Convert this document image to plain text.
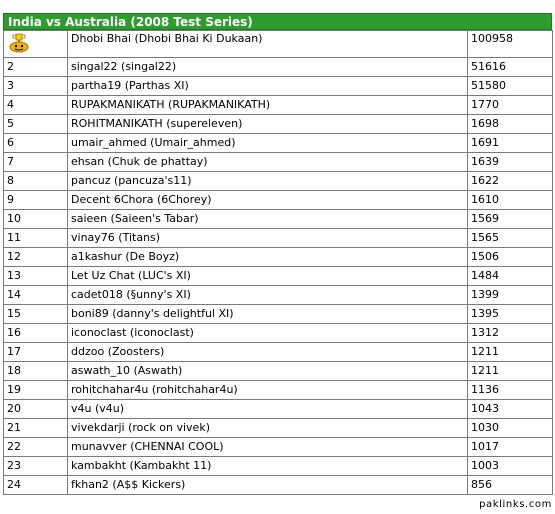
India vs Australia (2008 Test Series)
	Dhobi Bhai (Dhobi Bhai Ki Dukaan)	100958
2	singal22 (singal22)	51616
3	partha19 (Parthas XI)	51580
4	RUPAKMANIKATH (RUPAKMANIKATH)	1770
5	ROHITMANIKATH (supereleven)	1698
6	umair_ahmed (Umair_ahmed)	1691
7	ehsan (Chuk de phattay)	1639
8	pancuz (pancuza's11)	1622
9	Decent 6Chora (6Chorey)	1610
10	saieen (Saieen's Tabar)	1569
11	vinay76 (Titans)	1565
12	a1kashur (De Boyz)	1506
13	Let Uz Chat (LUC's XI)	1484
14	cadet018 (§unny's XI)	1399
15	boni89 (danny's delightful XI)	1395
16	iconoclast (iconoclast)	1312
17	ddzoo (Zoosters)	1211
18	aswath_10 (Aswath)	1211
19	rohitchahar4u (rohitchahar4u)	1136
20	v4u (v4u)	1043
21	vivekdarji (rock on vivek)	1030
22	munavver (CHENNAI COOL)	1017
23	kambakht (Kambakht 11)	1003
24	fkhan2 (A$$ Kickers)	856
paklinks.com
